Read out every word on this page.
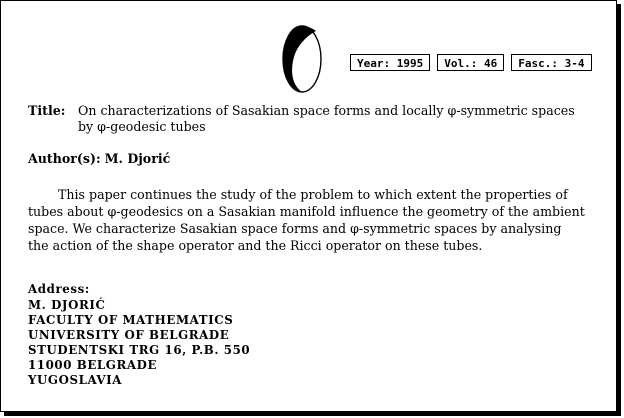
Year: 1995	Vol.: 46	Fasc.: 3-4
Title: On characterizations of Sasakian space forms and locally φ-symmetric spaces
by φ-geodesic tubes
Author(s): M. Djorić
This paper continues the study of the problem to which extent the properties of
tubes about φ-geodesics on a Sasakian manifold influence the geometry of the ambient
space. We characterize Sasakian space forms and φ-symmetric spaces by analysing
the action of the shape operator and the Ricci operator on these tubes.
Address:
M. DJORIĆ
FACULTY OF MATHEMATICS
UNIVERSITY OF BELGRADE
STUDENTSKI TRG 16, P.B. 550
11000 BELGRADE
YUGOSLAVIA
